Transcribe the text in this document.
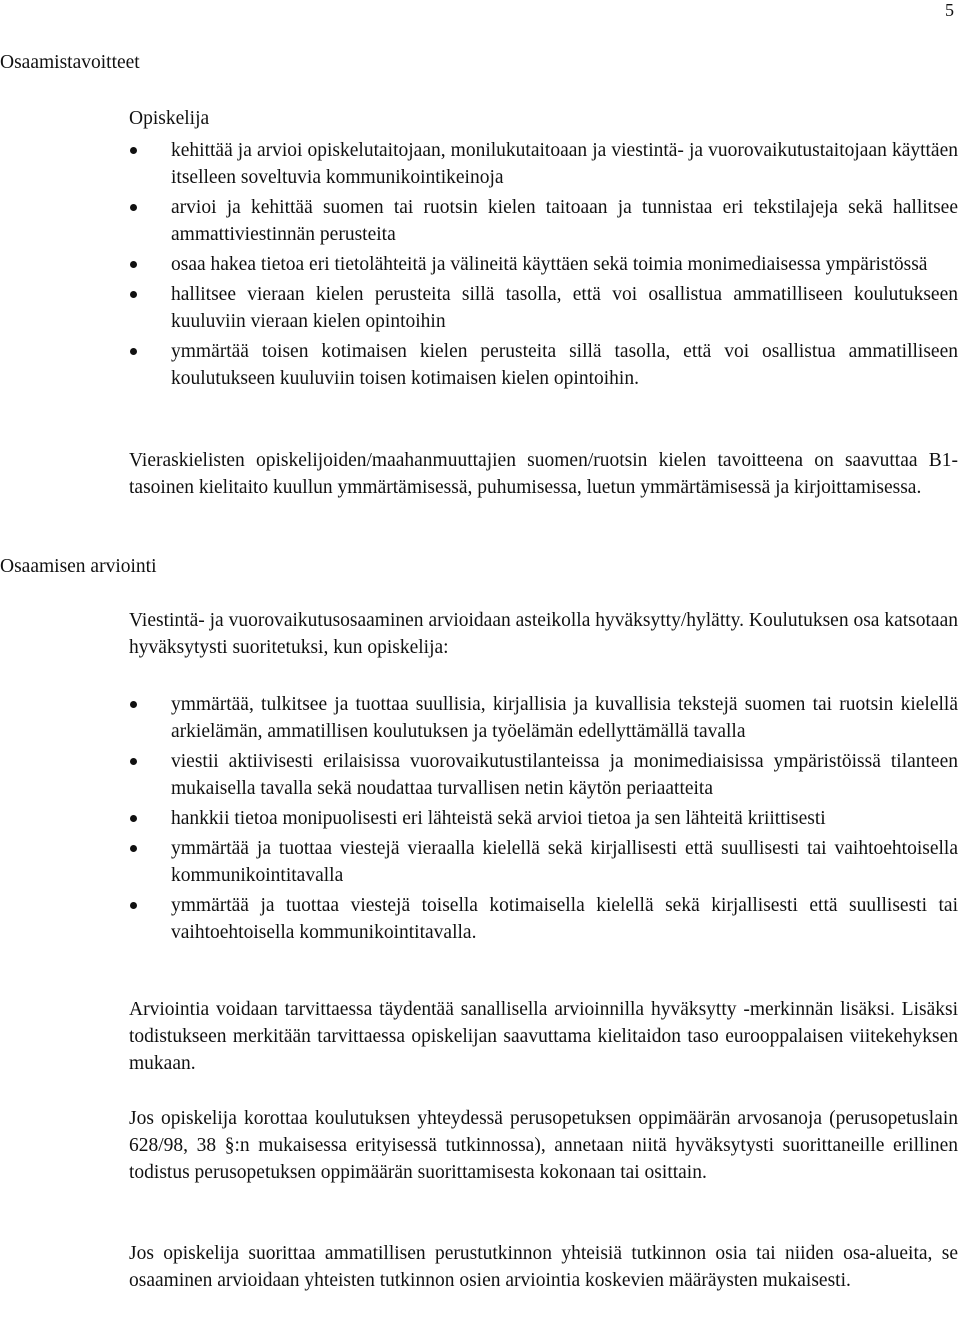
5
Osaamistavoitteet

Opiskelija

kehittää ja arvioi opiskelutaitojaan, monilukutaitoaan ja viestintä- ja vuorovaikutustaitojaan käyttäen itselleen soveltuvia kommunikointikeinoja
arvioi ja kehittää suomen tai ruotsin kielen taitoaan ja tunnistaa eri tekstilajeja sekä hallitsee ammattiviestinnän perusteita
osaa hakea tietoa eri tietolähteitä ja välineitä käyttäen sekä toimia monimediaisessa ympäristössä
hallitsee vieraan kielen perusteita sillä tasolla, että voi osallistua ammatilliseen koulutukseen kuuluviin vieraan kielen opintoihin
ymmärtää toisen kotimaisen kielen perusteita sillä tasolla, että voi osallistua ammatilliseen koulutukseen kuuluviin toisen kotimaisen kielen opintoihin.
Vieraskielisten opiskelijoiden/maahanmuuttajien suomen/ruotsin kielen tavoitteena on saavuttaa B1-tasoinen kielitaito kuullun ymmärtämisessä, puhumisessa, luetun ymmärtämisessä ja kirjoittamisessa.
Osaamisen arviointi
Viestintä- ja vuorovaikutusosaaminen arvioidaan asteikolla hyväksytty/hylätty. Koulutuksen osa katsotaan hyväksytysti suoritetuksi, kun opiskelija:
ymmärtää, tulkitsee ja tuottaa suullisia, kirjallisia ja kuvallisia tekstejä suomen tai ruotsin kielellä arkielämän, ammatillisen koulutuksen ja työelämän edellyttämällä tavalla
viestii aktiivisesti erilaisissa vuorovaikutustilanteissa ja monimediaisissa ympäristöissä tilanteen mukaisella tavalla sekä noudattaa turvallisen netin käytön periaatteita
hankkii tietoa monipuolisesti eri lähteistä sekä arvioi tietoa ja sen lähteitä kriittisesti
ymmärtää ja tuottaa viestejä vieraalla kielellä sekä kirjallisesti että suullisesti tai vaihtoehtoisella kommunikointitavalla
ymmärtää ja tuottaa viestejä toisella kotimaisella kielellä sekä kirjallisesti että suullisesti tai vaihtoehtoisella kommunikointitavalla.
Arviointia voidaan tarvittaessa täydentää sanallisella arvioinnilla hyväksytty -merkinnän lisäksi. Lisäksi todistukseen merkitään tarvittaessa opiskelijan saavuttama kielitaidon taso eurooppalaisen viitekehyksen mukaan.
Jos opiskelija korottaa koulutuksen yhteydessä perusopetuksen oppimäärän arvosanoja (perusopetuslain 628/98, 38 §:n mukaisessa erityisessä tutkinnossa), annetaan niitä hyväksytysti suorittaneille erillinen todistus perusopetuksen oppimäärän suorittamisesta kokonaan tai osittain.
Jos opiskelija suorittaa ammatillisen perustutkinnon yhteisiä tutkinnon osia tai niiden osa-alueita, se osaaminen arvioidaan yhteisten tutkinnon osien arviointia koskevien määräysten mukaisesti.
